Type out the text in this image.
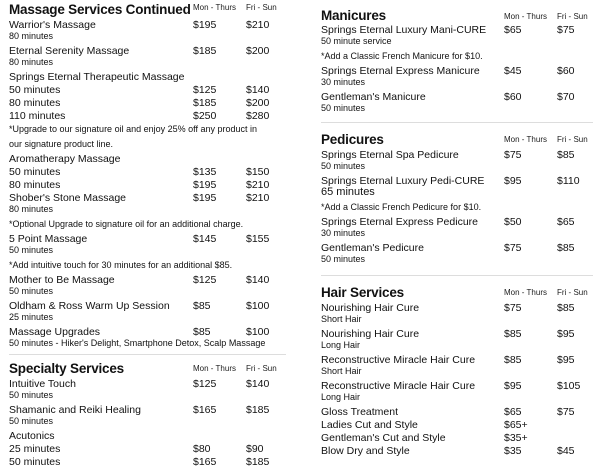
Massage Services Continued Mon - Thurs Fri - Sun
Warrior's Massage	$195	$210
80 minutes
Eternal Serenity Massage	$185	$200
80 minutes
Springs Eternal Therapeutic Massage
50 minutes	$125	$140
80 minutes	$185	$200
110 minutes	$250	$280
*Upgrade to our signature oil and enjoy 25% off any product in
our signature product line.
Aromatherapy Massage
50 minutes	$135	$150
80 minutes	$195	$210
Shober's Stone Massage	$195	$210
80 minutes
*Optional Upgrade to signature oil for an additional charge.
5 Point Massage	$145	$155
50 minutes
*Add intuitive touch for 30 minutes for an additional $85.
Mother to Be Massage	$125	$140
50 minutes
Oldham & Ross Warm Up Session $85	$100
25 minutes
Massage Upgrades	$85	$100
50 minutes - Hiker's Delight, Smartphone Detox, Scalp Massage
Specialty Services	Mon - Thurs Fri - Sun
Intuitive Touch	$125	$140
50 minutes
Shamanic and Reiki Healing	$165	$185
50 minutes
Acutonics
25 minutes	$80	$90
50 minutes	$165	$185
Manicures	Mon - Thurs Fri - Sun
Springs Eternal Luxury Mani-CURE $65	$75
50 minute service
*Add a Classic French Manicure for $10.
Springs Eternal Express Manicure $45	$60
30 minutes
Gentleman's Manicure	$60	$70
50 minutes
Pedicures	Mon - Thurs Fri - Sun
Springs Eternal Spa Pedicure	$75	$85
50 minutes
Springs Eternal Luxury Pedi-CURE $95	$110
65 minutes
*Add a Classic French Pedicure for $10.
Springs Eternal Express Pedicure $50	$65
30 minutes
Gentleman's Pedicure	$75	$85
50 minutes
Hair Services	Mon - Thurs Fri - Sun
Nourishing Hair Cure	$75	$85
Short Hair
Nourishing Hair Cure	$85	$95
Long Hair
Reconstructive Miracle Hair Cure	$85	$95
Short Hair
Reconstructive Miracle Hair Cure	$95	$105
Long Hair
Gloss Treatment	$65	$75
Ladies Cut and Style	$65+
Gentleman's Cut and Style	$35+
Blow Dry and Style	$35	$45
